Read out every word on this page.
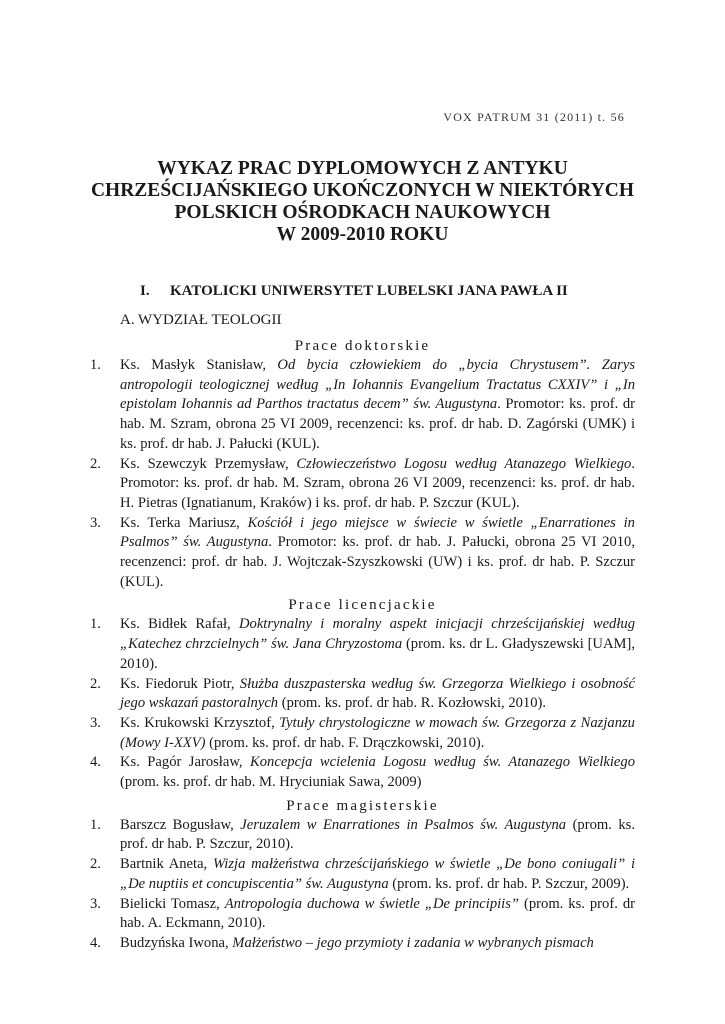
VOX PATRUM 31 (2011) t. 56
WYKAZ PRAC DYPLOMOWYCH Z ANTYKU
CHRZEŚCIJAŃSKIEGO UKOŃCZONYCH W NIEKTÓRYCH
POLSKICH OŚRODKACH NAUKOWYCH
W 2009-2010 ROKU
I. KATOLICKI UNIWERSYTET LUBELSKI JANA PAWŁA II
A. WYDZIAŁ TEOLOGII
Prace doktorskie
1.	Ks. Masłyk Stanisław, Od bycia człowiekiem do „bycia Chrystusem”. Zarys antropologii teologicznej według „In Iohannis Evangelium Tractatus CXXIV” i „In epistolam Iohannis ad Parthos tractatus decem” św. Augustyna. Promotor: ks. prof. dr hab. M. Szram, obrona 25 VI 2009, recenzenci: ks. prof. dr hab. D. Zagórski (UMK) i ks. prof. dr hab. J. Pałucki (KUL).
2.	Ks. Szewczyk Przemysław, Człowieczeństwo Logosu według Atanazego Wielkiego. Promotor: ks. prof. dr hab. M. Szram, obrona 26 VI 2009, recenzenci: ks. prof. dr hab. H. Pietras (Ignatianum, Kraków) i ks. prof. dr hab. P. Szczur (KUL).
3.	Ks. Terka Mariusz, Kościół i jego miejsce w świecie w świetle „Enarrationes in Psalmos” św. Augustyna. Promotor: ks. prof. dr hab. J. Pałucki, obrona 25 VI 2010, recenzenci: prof. dr hab. J. Wojtczak-Szyszkowski (UW) i ks. prof. dr hab. P. Szczur (KUL).
Prace licencjackie
1.	Ks. Bidłek Rafał, Doktrynalny i moralny aspekt inicjacji chrześcijańskiej według „Katechez chrzcielnych” św. Jana Chryzostoma (prom. ks. dr L. Gładyszewski [UAM], 2010).
2.	Ks. Fiedoruk Piotr, Służba duszpasterska według św. Grzegorza Wielkiego i osobność jego wskazań pastoralnych (prom. ks. prof. dr hab. R. Kozłowski, 2010).
3.	Ks. Krukowski Krzysztof, Tytuły chrystologiczne w mowach św. Grzegorza z Nazjanzu (Mowy I-XXV) (prom. ks. prof. dr hab. F. Drączkowski, 2010).
4.	Ks. Pagór Jarosław, Koncepcja wcielenia Logosu według św. Atanazego Wielkiego (prom. ks. prof. dr hab. M. Hryciuniak Sawa, 2009)
Prace magisterskie
1.	Barszcz Bogusław, Jeruzalem w Enarrationes in Psalmos św. Augustyna (prom. ks. prof. dr hab. P. Szczur, 2010).
2.	Bartnik Aneta, Wizja małżeństwa chrześcijańskiego w świetle „De bono coniugali” i „De nuptiis et concupiscentia” św. Augustyna (prom. ks. prof. dr hab. P. Szczur, 2009).
3.	Bielicki Tomasz, Antropologia duchowa w świetle „De principiis” (prom. ks. prof. dr hab. A. Eckmann, 2010).
4.	Budzyńska Iwona, Małżeństwo – jego przymioty i zadania w wybranych pismach
